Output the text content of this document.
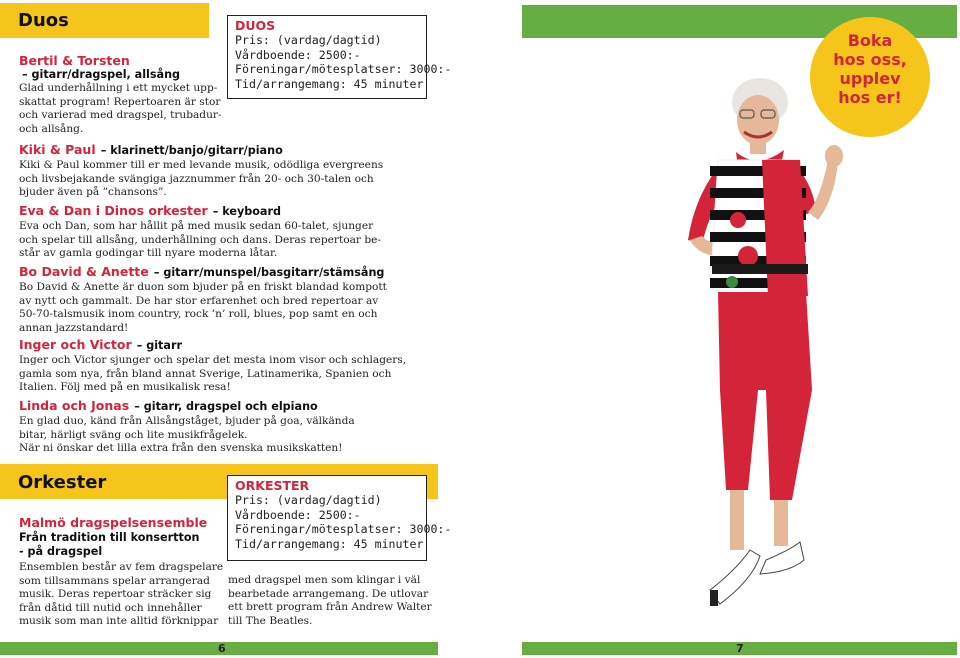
Duos
Bertil & Torsten
– gitarr/dragspel, allsång
Glad underhållning i ett mycket upp-
skattat program! Repertoaren är stor
och varierad med dragspel, trubadur-
och allsång.
DUOS
Pris: (vardag/dagtid)
Vårdboende: 2500:-
Föreningar/mötesplatser: 3000:-
Tid/arrangemang: 45 minuter
Kiki & Paul – klarinett/banjo/gitarr/piano
Kiki & Paul kommer till er med levande musik, odödliga evergreens
och livsbejakande svängiga jazznummer från 20- och 30-talen och
bjuder även på ”chansons”.
Eva & Dan i Dinos orkester – keyboard
Eva och Dan, som har hållit på med musik sedan 60-talet, sjunger
och spelar till allsång, underhållning och dans. Deras repertoar be-
står av gamla godingar till nyare moderna låtar.
Bo David & Anette – gitarr/munspel/basgitarr/stämsång
Bo David & Anette är duon som bjuder på en friskt blandad kompott
av nytt och gammalt. De har stor erfarenhet och bred repertoar av
50-70-talsmusik inom country, rock ’n’ roll, blues, pop samt en och
annan jazzstandard!
Inger och Victor – gitarr
Inger och Victor sjunger och spelar det mesta inom visor och schlagers,
gamla som nya, från bland annat Sverige, Latinamerika, Spanien och
Italien. Följ med på en musikalisk resa!
Linda och Jonas – gitarr, dragspel och elpiano
En glad duo, känd från Allsångståget, bjuder på goa, välkända
bitar, härligt sväng och lite musikfrågelek.
När ni önskar det lilla extra från den svenska musikskatten!
Orkester
Malmö dragspelsensemble
Från tradition till konsertton
- på dragspel
Ensemblen består av fem dragspelare
som tillsammans spelar arrangerad
musik. Deras repertoar sträcker sig
från dåtid till nutid och innehåller
musik som man inte alltid förknippar
ORKESTER
Pris: (vardag/dagtid)
Vårdboende: 2500:-
Föreningar/mötesplatser: 3000:-
Tid/arrangemang: 45 minuter
med dragspel men som klingar i väl
bearbetade arrangemang. De utlovar
ett brett program från Andrew Walter
till The Beatles.
6
Boka
hos oss,
upplev
hos er!
7
